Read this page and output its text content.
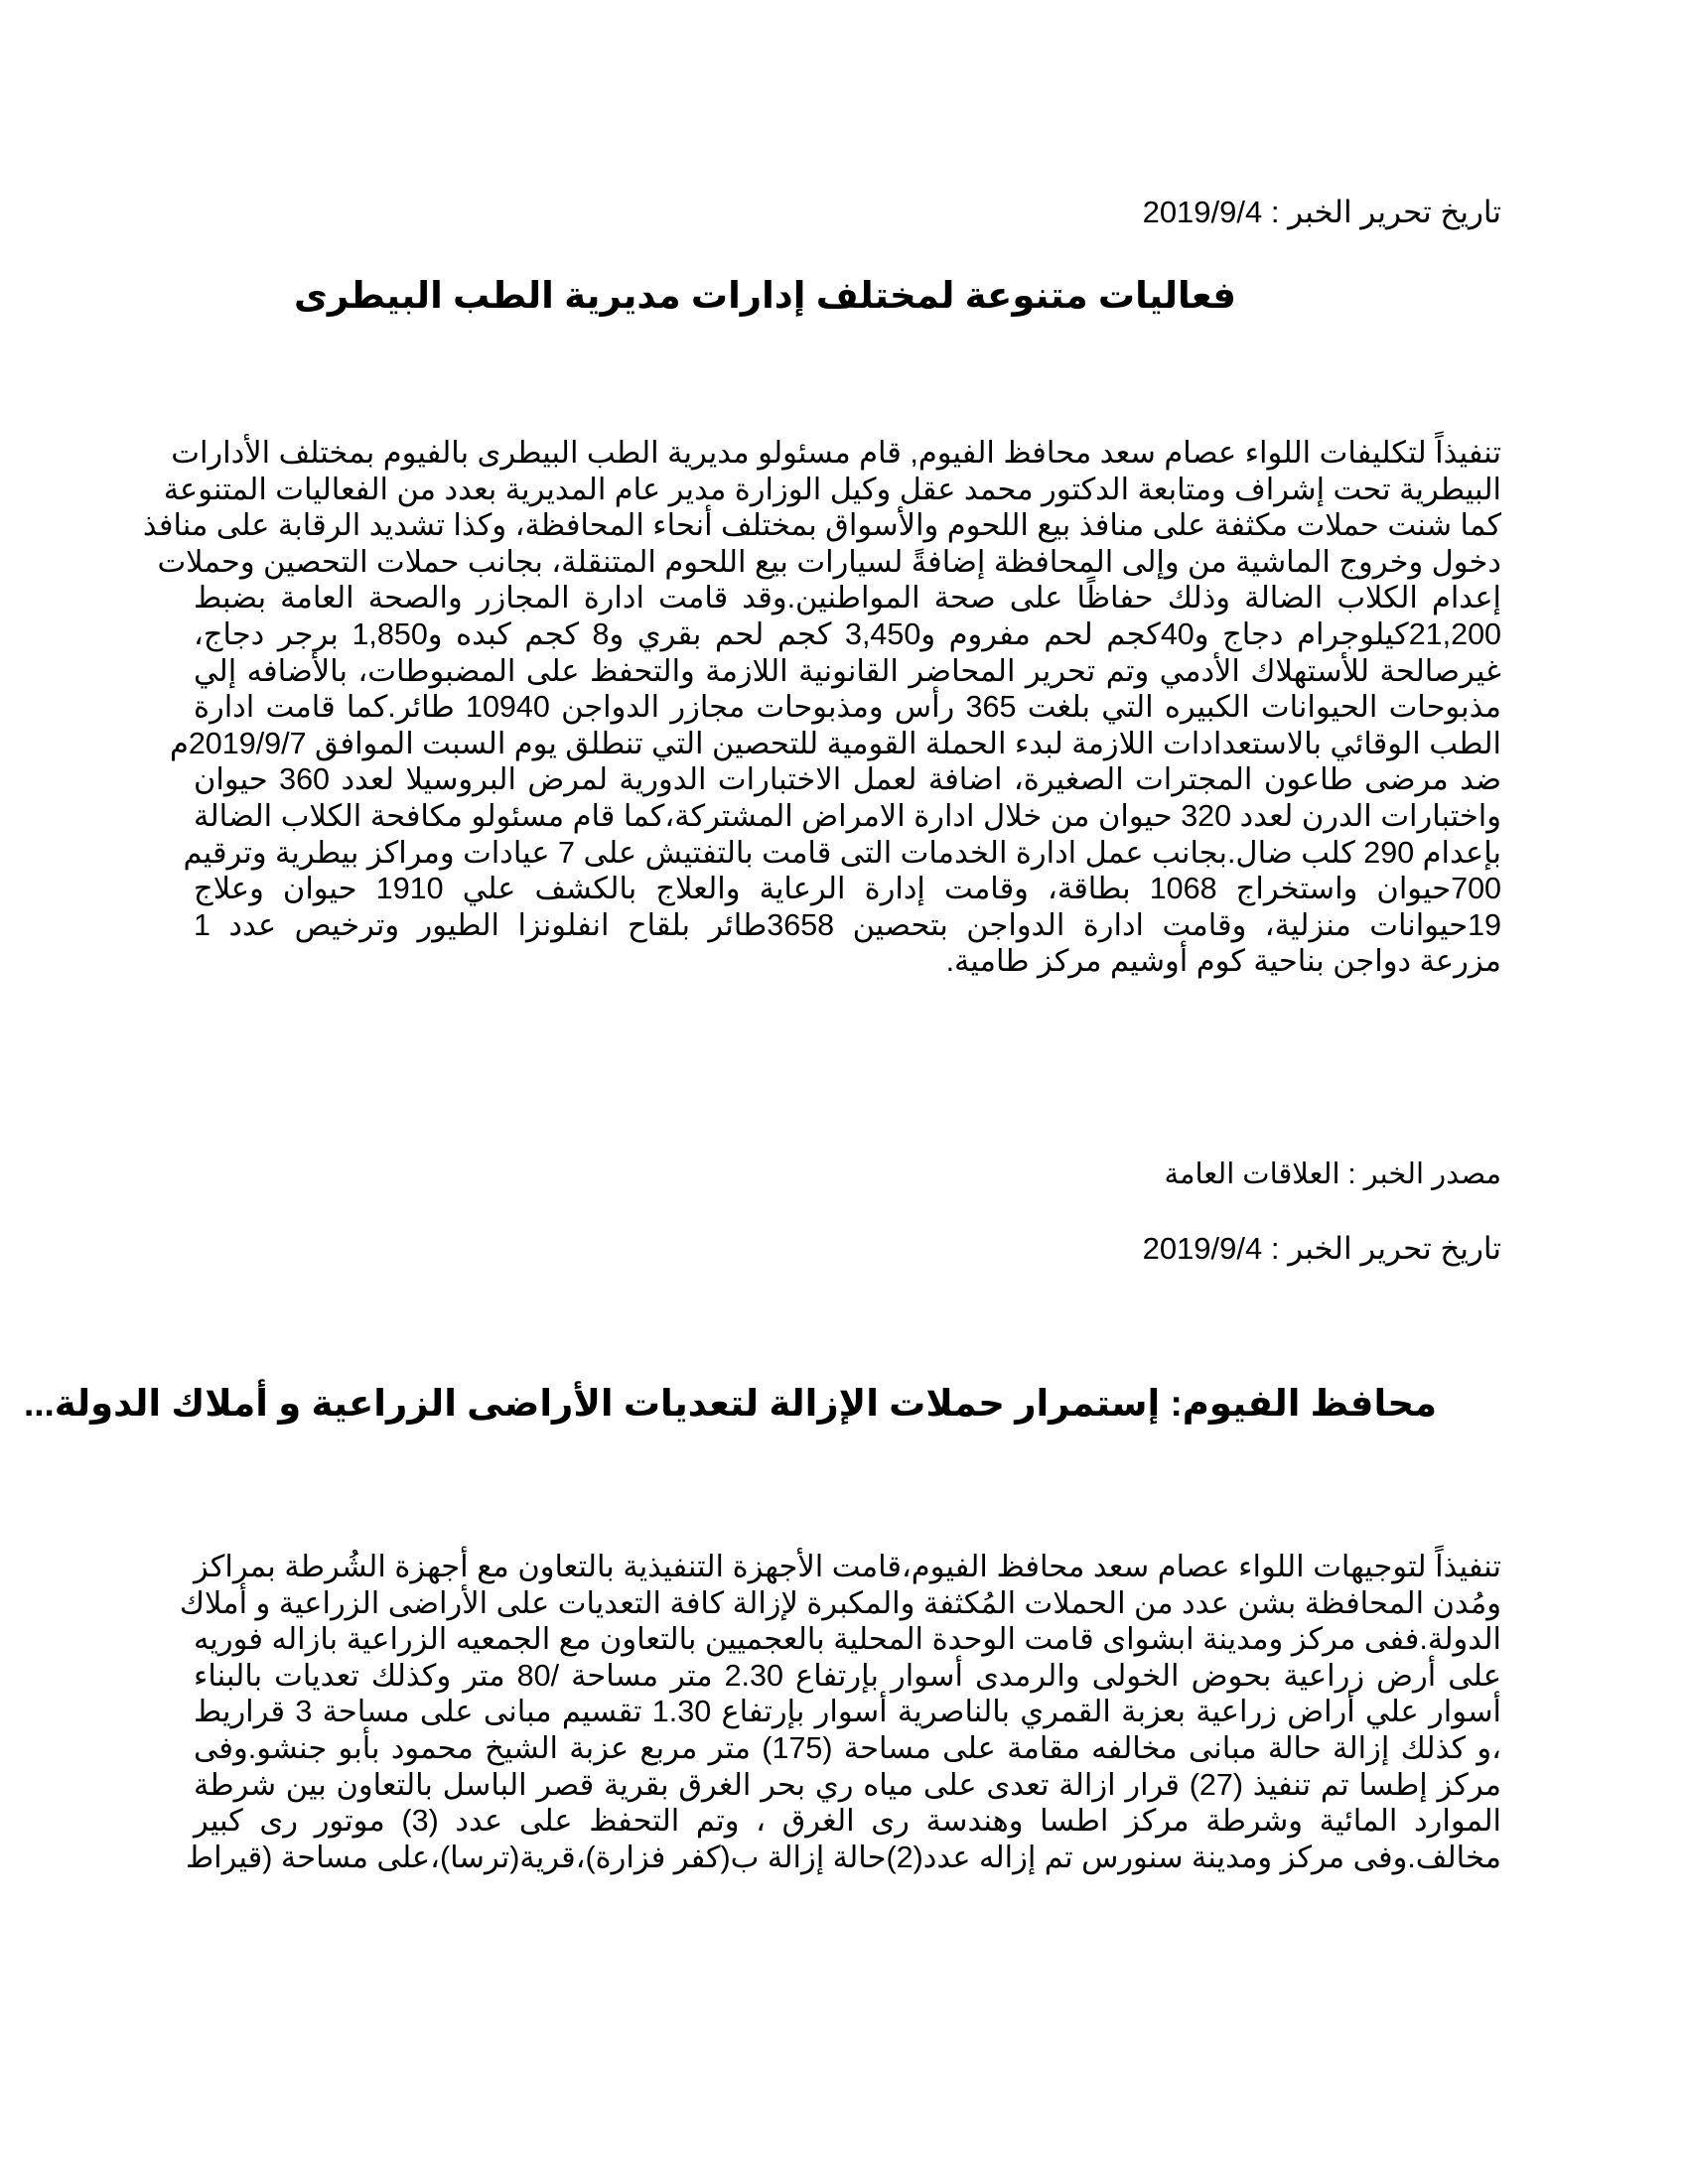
تاريخ تحرير الخبر : 2019/9/4
فعاليات متنوعة لمختلف إدارات مديرية الطب البيطرى
تنفيذاً لتكليفات اللواء عصام سعد محافظ الفيوم, قام مسئولو مديرية الطب البيطرى بالفيوم بمختلف الأدارات
البيطرية تحت إشراف ومتابعة الدكتور محمد عقل وكيل الوزارة مدير عام المديرية بعدد من الفعاليات المتنوعة
كما شنت حملات مكثفة على منافذ بيع اللحوم والأسواق بمختلف أنحاء المحافظة، وكذا تشديد الرقابة على منافذ
دخول وخروج الماشية من وإلى المحافظة إضافةً لسيارات بيع اللحوم المتنقلة، بجانب حملات التحصين وحملات
إعدام الكلاب الضالة وذلك حفاظًا على صحة المواطنين.وقد قامت ادارة المجازر والصحة العامة بضبط
21,200كيلوجرام دجاج و40كجم لحم مفروم و3,450 كجم لحم بقري و8 كجم كبده و1,850 برجر دجاج،
غيرصالحة للأستهلاك الأدمي وتم تحرير المحاضر القانونية اللازمة والتحفظ على المضبوطات، بالأضافه إلي
مذبوحات الحيوانات الكبيره التي بلغت 365 رأس ومذبوحات مجازر الدواجن 10940 طائر.كما قامت ادارة
الطب الوقائي بالاستعدادات اللازمة لبدء الحملة القومية للتحصين التي تنطلق يوم السبت الموافق 2019/9/7م
ضد مرضى طاعون المجترات الصغيرة، اضافة لعمل الاختبارات الدورية لمرض البروسيلا لعدد 360 حيوان
واختبارات الدرن لعدد 320 حيوان من خلال ادارة الامراض المشتركة،كما قام مسئولو مكافحة الكلاب الضالة
بإعدام 290 كلب ضال.بجانب عمل ادارة الخدمات التى قامت بالتفتيش على 7 عيادات ومراكز بيطرية وترقيم
700حيوان واستخراج 1068 بطاقة، وقامت إدارة الرعاية والعلاج بالكشف علي 1910 حيوان وعلاج
19حيوانات منزلية، وقامت ادارة الدواجن بتحصين 3658طائر بلقاح انفلونزا الطيور وترخيص عدد 1
مزرعة دواجن بناحية كوم أوشيم مركز طامية.
مصدر الخبر : العلاقات العامة
تاريخ تحرير الخبر : 2019/9/4
محافظ الفيوم: إستمرار حملات الإزالة لتعديات الأراضى الزراعية و أملاك الدولة...
تنفيذاً لتوجيهات اللواء عصام سعد محافظ الفيوم،قامت الأجهزة التنفيذية بالتعاون مع أجهزة الشُرطة بمراكز
ومُدن المحافظة بشن عدد من الحملات المُكثفة والمكبرة لإزالة كافة التعديات على الأراضى الزراعية و أملاك
الدولة.ففى مركز ومدينة ابشواى قامت الوحدة المحلية بالعجميين بالتعاون مع الجمعيه الزراعية بازاله فوريه
على أرض زراعية بحوض الخولى والرمدى أسوار بإرتفاع 2.30 متر مساحة /80 متر وكذلك تعديات بالبناء
أسوار علي أراض زراعية بعزبة القمري بالناصرية أسوار بإرتفاع 1.30 تقسيم مبانى على مساحة 3 قراريط
،و كذلك إزالة حالة مبانى مخالفه مقامة على مساحة (175) متر مربع عزبة الشيخ محمود بأبو جنشو.وفى
مركز إطسا تم تنفيذ (27) قرار ازالة تعدى على مياه ري بحر الغرق بقرية قصر الباسل بالتعاون بين شرطة
الموارد المائية وشرطة مركز اطسا وهندسة رى الغرق ، وتم التحفظ على عدد (3) موتور رى كبير
مخالف.وفى مركز ومدينة سنورس تم إزاله عدد(2)حالة إزالة ب(كفر فزارة)،قرية(ترسا)،على مساحة (قيراط
